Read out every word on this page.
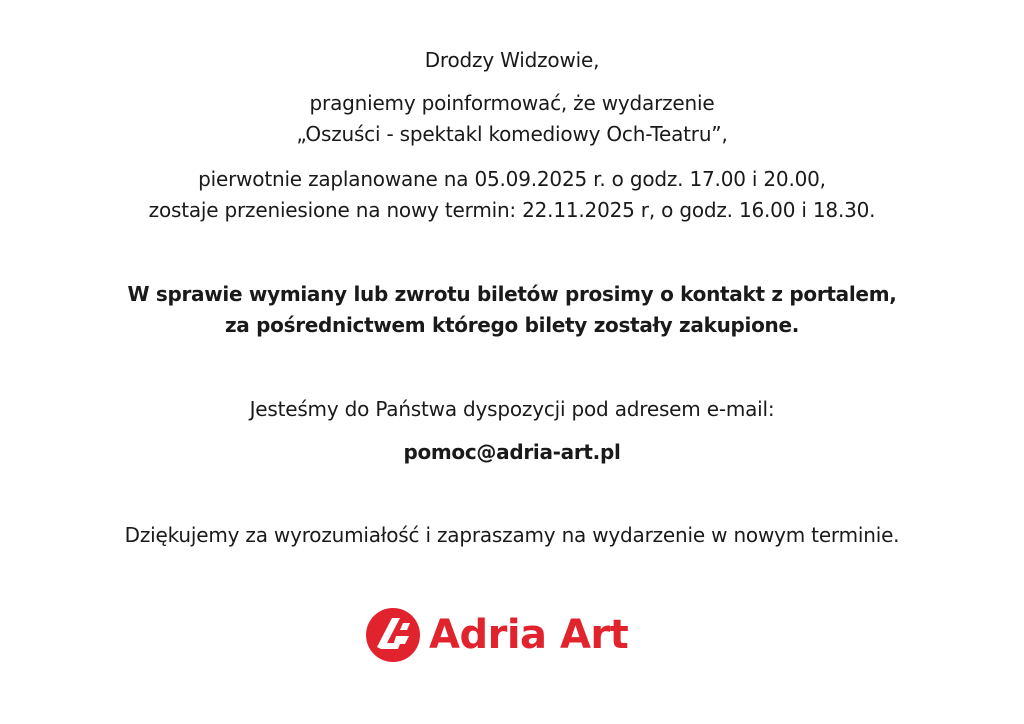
Drodzy Widzowie,
pragniemy poinformować, że wydarzenie
„Oszuści - spektakl komediowy Och-Teatru”,
pierwotnie zaplanowane na 05.09.2025 r. o godz. 17.00 i 20.00,
zostaje przeniesione na nowy termin: 22.11.2025 r, o godz. 16.00 i 18.30.
W sprawie wymiany lub zwrotu biletów prosimy o kontakt z portalem,
za pośrednictwem którego bilety zostały zakupione.
Jesteśmy do Państwa dyspozycji pod adresem e-mail:
pomoc@adria-art.pl
Dziękujemy za wyrozumiałość i zapraszamy na wydarzenie w nowym terminie.
Adria Art
